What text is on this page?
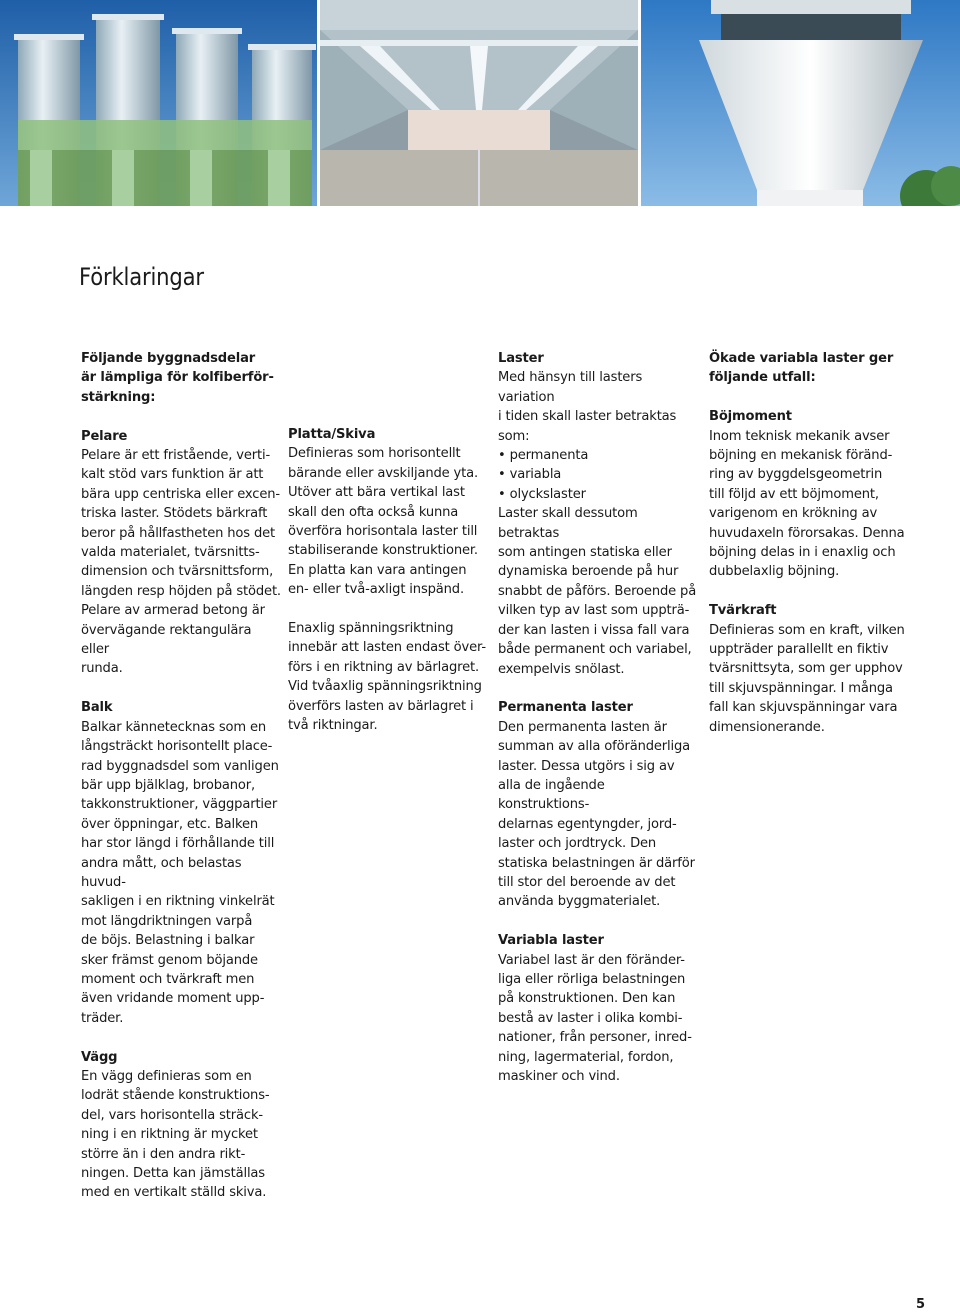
Förklaringar

Följande byggnadsdelar
är lämpliga för kolfiberför-
stärkning:

Pelare

Pelare är ett fristående, verti-
kalt stöd vars funktion är att
bära upp centriska eller excen-
triska laster. Stödets bärkraft
beror på hållfastheten hos det
valda materialet, tvärsnitts-
dimension och tvärsnittsform,
längden resp höjden på stödet.
Pelare av armerad betong är
övervägande rektangulära eller
runda.

Balk

Balkar kännetecknas som en
långsträckt horisontellt place-
rad byggnadsdel som vanligen
bär upp bjälklag, brobanor,
takkonstruktioner, väggpartier
över öppningar, etc. Balken
har stor längd i förhållande till
andra mått, och belastas huvud-
sakligen i en riktning vinkelrät
mot längdriktningen varpå
de böjs. Belastning i balkar
sker främst genom böjande
moment och tvärkraft men
även vridande moment upp-
träder.

Vägg

En vägg definieras som en
lodrät stående konstruktions-
del, vars horisontella sträck-
ning i en riktning är mycket
större än i den andra rikt-
ningen. Detta kan jämställas
med en vertikalt ställd skiva.

Platta/Skiva

Definieras som horisontellt
bärande eller avskiljande yta.
Utöver att bära vertikal last
skall den ofta också kunna
överföra horisontala laster till
stabiliserande konstruktioner.
En platta kan vara antingen
en- eller två-axligt inspänd.

Enaxlig spänningsriktning
innebär att lasten endast över-
förs i en riktning av bärlagret.
Vid tvåaxlig spänningsriktning
överförs lasten av bärlagret i
två riktningar.

Laster

Med hänsyn till lasters variation
i tiden skall laster betraktas
som:

• permanenta
• variabla
• olyckslaster

Laster skall dessutom betraktas
som antingen statiska eller
dynamiska beroende på hur
snabbt de påförs. Beroende på
vilken typ av last som uppträ-
der kan lasten i vissa fall vara
både permanent och variabel,
exempelvis snölast.

Permanenta laster

Den permanenta lasten är
summan av alla oföränderliga
laster. Dessa utgörs i sig av
alla de ingående konstruktions-
delarnas egentyngder, jord-
laster och jordtryck. Den
statiska belastningen är därför
till stor del beroende av det
använda byggmaterialet.

Variabla laster

Variabel last är den föränder-
liga eller rörliga belastningen
på konstruktionen. Den kan
bestå av laster i olika kombi-
nationer, från personer, inred-
ning, lagermaterial, fordon,
maskiner och vind.

Ökade variabla laster ger
följande utfall:

Böjmoment

Inom teknisk mekanik avser
böjning en mekanisk föränd-
ring av byggdelsgeometrin
till följd av ett böjmoment,
varigenom en krökning av
huvudaxeln förorsakas. Denna
böjning delas in i enaxlig och
dubbelaxlig böjning.

Tvärkraft

Definieras som en kraft, vilken
uppträder parallellt en fiktiv
tvärsnittsyta, som ger upphov
till skjuvspänningar. I många
fall kan skjuvspänningar vara
dimensionerande.

5
